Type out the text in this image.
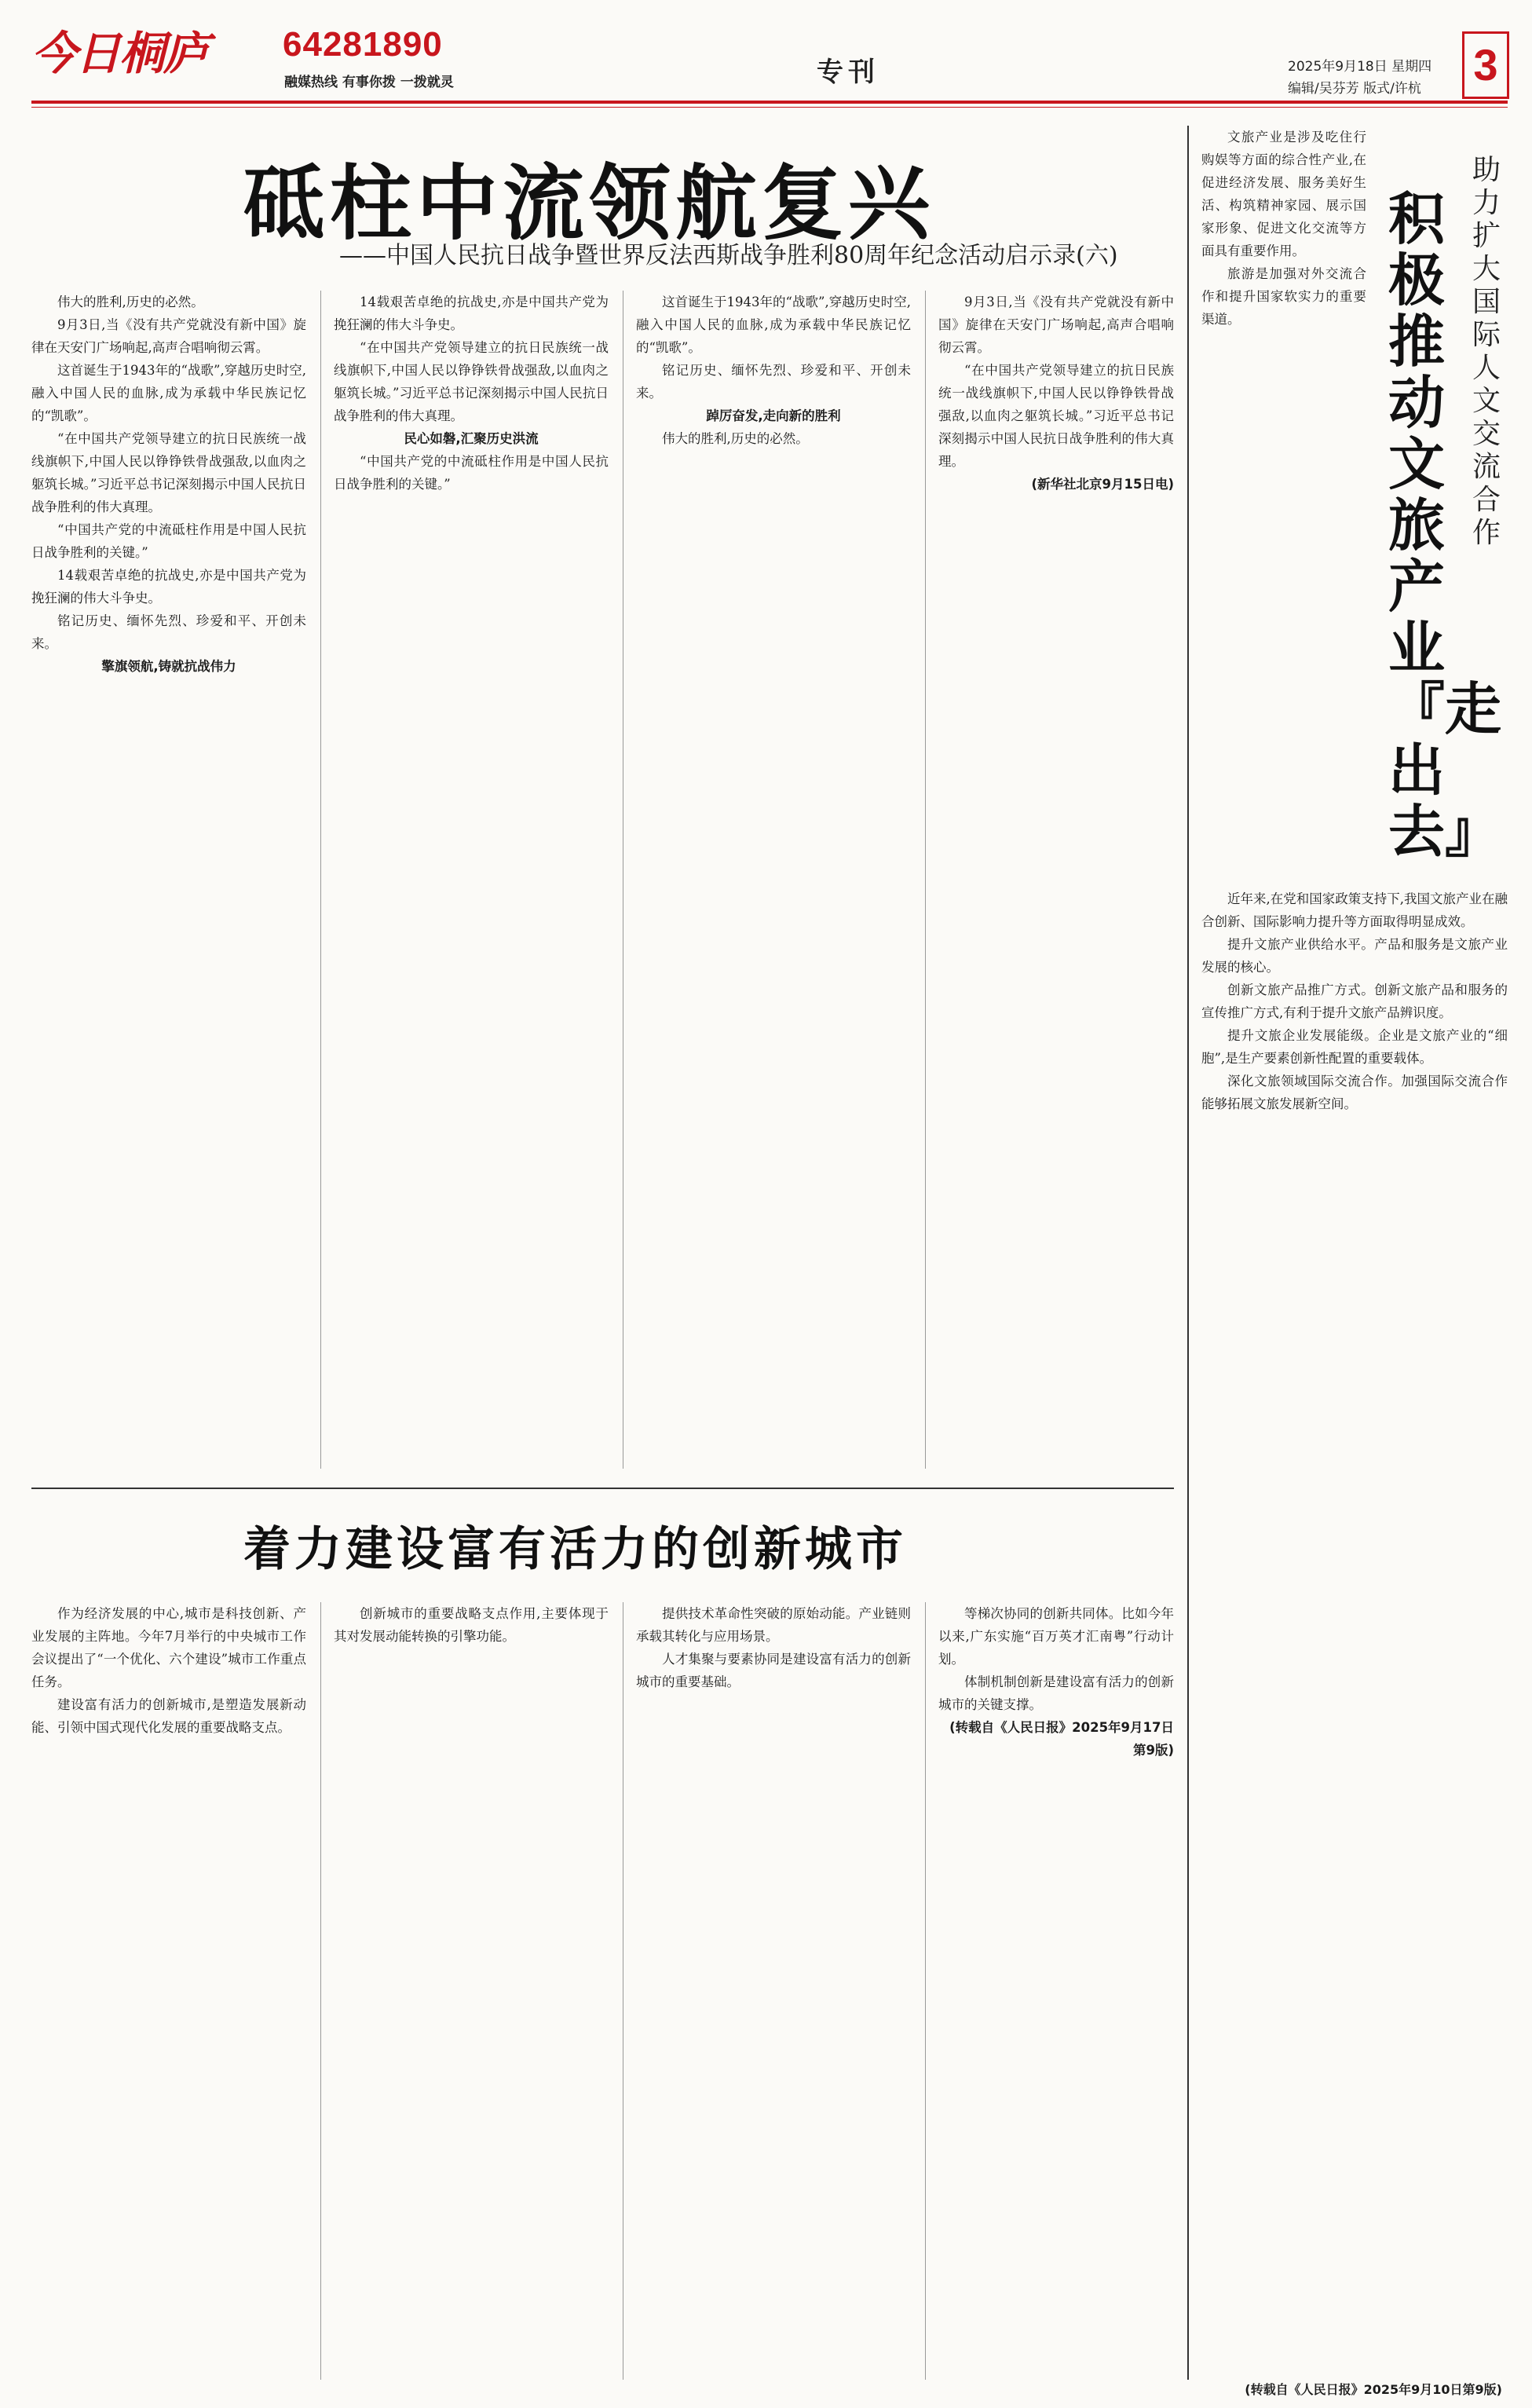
今日桐庐	64281890
融媒热线 有事你拨 一拨就灵	专刊	2025年9月18日 星期四
编辑/吴芬芳 版式/许杭 3
砥柱中流领航复兴
——中国人民抗日战争暨世界反法西斯战争胜利80周年纪念活动启示录(六)

伟大的胜利,历史的必然。

9月3日,当《没有共产党就没有新中国》旋律在天安门广场响起,高声合唱响彻云霄。

这首诞生于1943年的“战歌”,穿越历史时空,融入中国人民的血脉,成为承载中华民族记忆的“凯歌”。

“在中国共产党领导建立的抗日民族统一战线旗帜下,中国人民以铮铮铁骨战强敌,以血肉之躯筑长城。”习近平总书记深刻揭示中国人民抗日战争胜利的伟大真理。

“中国共产党的中流砥柱作用是中国人民抗日战争胜利的关键。”

14载艰苦卓绝的抗战史,亦是中国共产党为挽狂澜的伟大斗争史。

铭记历史、缅怀先烈、珍爱和平、开创未来。

擎旗领航,铸就抗战伟力

14载艰苦卓绝的抗战史,亦是中国共产党为挽狂澜的伟大斗争史。

“在中国共产党领导建立的抗日民族统一战线旗帜下,中国人民以铮铮铁骨战强敌,以血肉之躯筑长城。”习近平总书记深刻揭示中国人民抗日战争胜利的伟大真理。

民心如磐,汇聚历史洪流

“中国共产党的中流砥柱作用是中国人民抗日战争胜利的关键。”

这首诞生于1943年的“战歌”,穿越历史时空,融入中国人民的血脉,成为承载中华民族记忆的“凯歌”。

铭记历史、缅怀先烈、珍爱和平、开创未来。

踔厉奋发,走向新的胜利

伟大的胜利,历史的必然。

9月3日,当《没有共产党就没有新中国》旋律在天安门广场响起,高声合唱响彻云霄。

“在中国共产党领导建立的抗日民族统一战线旗帜下,中国人民以铮铮铁骨战强敌,以血肉之躯筑长城。”习近平总书记深刻揭示中国人民抗日战争胜利的伟大真理。

(新华社北京9月15日电)

着力建设富有活力的创新城市

作为经济发展的中心,城市是科技创新、产业发展的主阵地。今年7月举行的中央城市工作会议提出了“一个优化、六个建设”城市工作重点任务。

建设富有活力的创新城市,是塑造发展新动能、引领中国式现代化发展的重要战略支点。

创新城市的重要战略支点作用,主要体现于其对发展动能转换的引擎功能。

提供技术革命性突破的原始动能。产业链则承载其转化与应用场景。

人才集聚与要素协同是建设富有活力的创新城市的重要基础。

等梯次协同的创新共同体。比如今年以来,广东实施“百万英才汇南粤”行动计划。

体制机制创新是建设富有活力的创新城市的关键支撑。

(转载自《人民日报》2025年9月17日第9版)

积极推动文旅产业『走出去』
助力扩大国际人文交流合作

文旅产业是涉及吃住行购娱等方面的综合性产业,在促进经济发展、服务美好生活、构筑精神家园、展示国家形象、促进文化交流等方面具有重要作用。

旅游是加强对外交流合作和提升国家软实力的重要渠道。

近年来,在党和国家政策支持下,我国文旅产业在融合创新、国际影响力提升等方面取得明显成效。

提升文旅产业供给水平。产品和服务是文旅产业发展的核心。

创新文旅产品推广方式。创新文旅产品和服务的宣传推广方式,有利于提升文旅产品辨识度。

提升文旅企业发展能级。企业是文旅产业的“细胞”,是生产要素创新性配置的重要载体。

深化文旅领域国际交流合作。加强国际交流合作能够拓展文旅发展新空间。

(转载自《人民日报》2025年9月10日第9版)
